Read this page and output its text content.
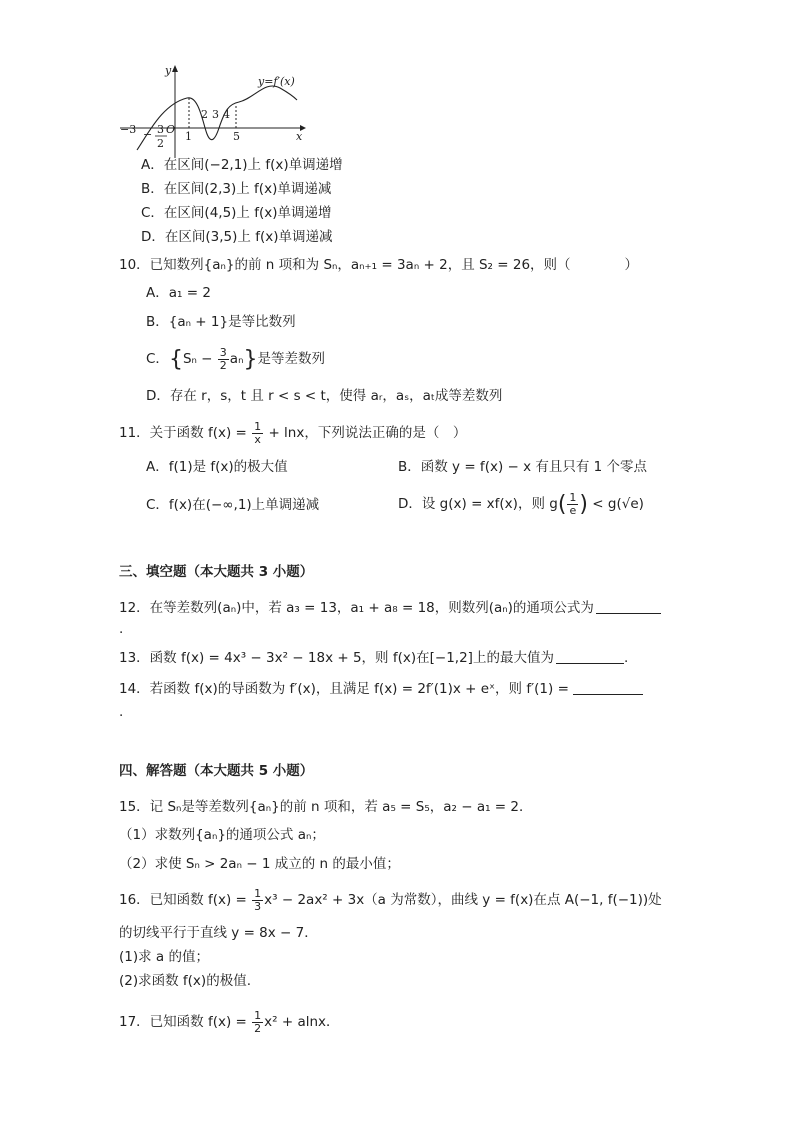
y
x
y=f′(x)
−3 − 3
2
O
1
2 3 4
5
A．在区间(−2,1)上 f(x)单调递增
B．在区间(2,3)上 f(x)单调递减
C．在区间(4,5)上 f(x)单调递增
D．在区间(3,5)上 f(x)单调递减
10．已知数列{aₙ}的前 n 项和为 Sₙ，aₙ₊₁ = 3aₙ + 2，且 S₂ = 26，则（　　　　）
A．a₁ = 2
B．{aₙ + 1}是等比数列
C．$\{S_n - \frac{3}{2} a_n\}$是等差数列
D．存在 r，s，t 且 r < s < t，使得 aᵣ，aₛ，aₜ成等差数列
11．关于函数 $f(x) = \frac{1}{x} + \ln x$，下列说法正确的是（　）
A．f(1)是 f(x)的极大值	B．函数 y = f(x) − x 有且只有 1 个零点
C．f(x)在(−∞,1)上单调递减	D．设 g(x) = xf(x)，则 $g( \frac{1}{e}$ ) < g(√e)
三、填空题（本大题共 3 小题）
12．在等差数列(aₙ)中，若 a₃ = 13，a₁ + a₈ = 18，则数列(aₙ)的通项公式为
.
13．函数 f(x) = 4x³ − 3x² − 18x + 5，则 f(x)在[−1,2]上的最大值为	.
14．若函数 f(x)的导函数为 f′(x)，且满足 f(x) = 2f′(1)x + eˣ，则 f′(1) =
.
四、解答题（本大题共 5 小题）
15．记 Sₙ是等差数列{aₙ}的前 n 项和，若 a₅ = S₅，a₂ − a₁ = 2．
（1）求数列{aₙ}的通项公式 aₙ；
（2）求使 Sₙ > 2aₙ − 1 成立的 n 的最小值；
16．已知函数 $f(x) = \frac{1}{3} x^3 - 2ax^2 + 3x(a$ 为常数），曲线 y = f(x)在点 A(−1, f(−1))处
的切线平行于直线 y = 8x − 7．
(1)求 a 的值；
(2)求函数 f(x)的极值.
17．已知函数 $f(x) = \frac{1}{2} x^2 + alnx$．
